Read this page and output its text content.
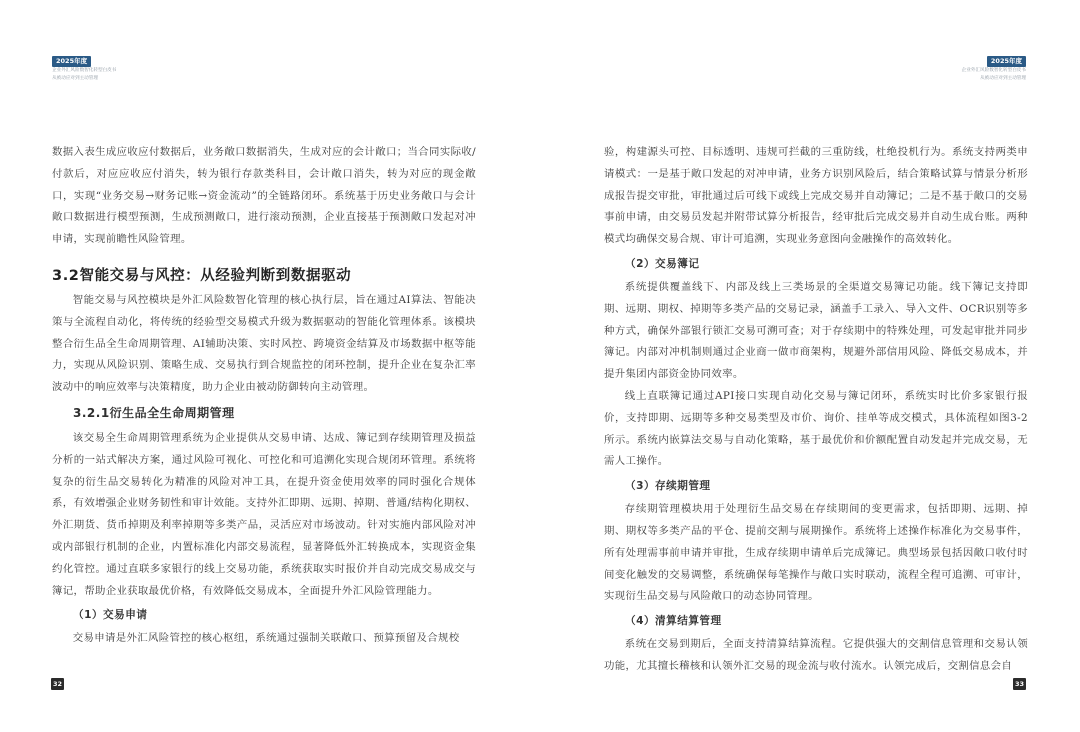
2025年度
企业外汇风险数智化转型白皮书
从被动应对到主动管理

数据入表生成应收应付数据后，业务敞口数据消失，生成对应的会计敞口；当合同实际收/付款后，对应应收应付消失，转为银行存款类科目，会计敞口消失，转为对应的现金敞口，实现“业务交易→财务记账→资金流动”的全链路闭环。系统基于历史业务敞口与会计敞口数据进行模型预测，生成预测敞口，进行滚动预测，企业直接基于预测敞口发起对冲申请，实现前瞻性风险管理。

3.2智能交易与风控：从经验判断到数据驱动

智能交易与风控模块是外汇风险数智化管理的核心执行层，旨在通过AI算法、智能决策与全流程自动化，将传统的经验型交易模式升级为数据驱动的智能化管理体系。该模块整合衍生品全生命周期管理、AI辅助决策、实时风控、跨境资金结算及市场数据中枢等能力，实现从风险识别、策略生成、交易执行到合规监控的闭环控制，提升企业在复杂汇率波动中的响应效率与决策精度，助力企业由被动防御转向主动管理。

3.2.1衍生品全生命周期管理

该交易全生命周期管理系统为企业提供从交易申请、达成、簿记到存续期管理及损益分析的一站式解决方案，通过风险可视化、可控化和可追溯化实现合规闭环管理。系统将复杂的衍生品交易转化为精准的风险对冲工具，在提升资金使用效率的同时强化合规体系，有效增强企业财务韧性和审计效能。支持外汇即期、远期、掉期、普通/结构化期权、外汇期货、货币掉期及利率掉期等多类产品，灵活应对市场波动。针对实施内部风险对冲或内部银行机制的企业，内置标准化内部交易流程，显著降低外汇转换成本，实现资金集约化管控。通过直联多家银行的线上交易功能，系统获取实时报价并自动完成交易成交与簿记，帮助企业获取最优价格，有效降低交易成本，全面提升外汇风险管理能力。

（1）交易申请

交易申请是外汇风险管控的核心枢纽，系统通过强制关联敞口、预算预留及合规校

32
2025年度
企业外汇风险数智化转型白皮书
从被动应对到主动管理

验，构建源头可控、目标透明、违规可拦截的三重防线，杜绝投机行为。系统支持两类申请模式：一是基于敞口发起的对冲申请，业务方识别风险后，结合策略试算与情景分析形成报告提交审批，审批通过后可线下或线上完成交易并自动簿记；二是不基于敞口的交易事前申请，由交易员发起并附带试算分析报告，经审批后完成交易并自动生成台账。两种模式均确保交易合规、审计可追溯，实现业务意图向金融操作的高效转化。

（2）交易簿记

系统提供覆盖线下、内部及线上三类场景的全渠道交易簿记功能。线下簿记支持即期、远期、期权、掉期等多类产品的交易记录，涵盖手工录入、导入文件、OCR识别等多种方式，确保外部银行锁汇交易可溯可查；对于存续期中的特殊处理，可发起审批并同步簿记。内部对冲机制则通过企业商一做市商架构，规避外部信用风险、降低交易成本，并提升集团内部资金协同效率。

线上直联簿记通过API接口实现自动化交易与簿记闭环，系统实时比价多家银行报价，支持即期、远期等多种交易类型及市价、询价、挂单等成交模式，具体流程如图3-2所示。系统内嵌算法交易与自动化策略，基于最优价和价额配置自动发起并完成交易，无需人工操作。

（3）存续期管理

存续期管理模块用于处理衍生品交易在存续期间的变更需求，包括即期、远期、掉期、期权等多类产品的平仓、提前交割与展期操作。系统将上述操作标准化为交易事件，所有处理需事前申请并审批，生成存续期申请单后完成簿记。典型场景包括因敞口收付时间变化触发的交易调整，系统确保每笔操作与敞口实时联动，流程全程可追溯、可审计，实现衍生品交易与风险敞口的动态协同管理。

（4）清算结算管理

系统在交易到期后，全面支持清算结算流程。它提供强大的交割信息管理和交易认领功能，尤其擅长稽核和认领外汇交易的现金流与收付流水。认领完成后，交割信息会自

33
